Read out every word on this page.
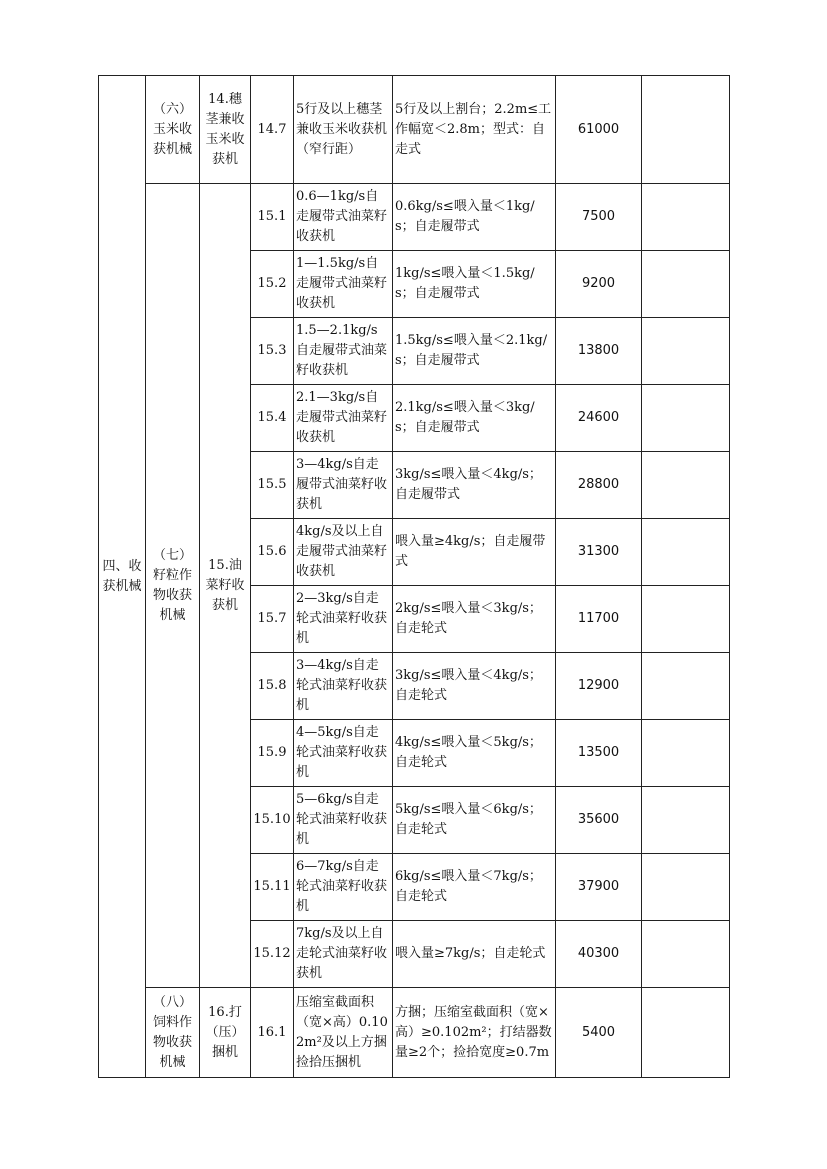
四、收获机械	（六）玉米收获机械	14.穗茎兼收玉米收获机	14.7	5行及以上穗茎兼收玉米收获机（窄行距）	5行及以上割台；2.2m≤工作幅宽＜2.8m；型式：自走式	61000	
	（七）籽粒作物收获机械	15.油菜籽收获机	15.1	0.6—1kg/s自走履带式油菜籽收获机	0.6kg/s≤喂入量＜1kg/s；自走履带式	7500	
			15.2	1—1.5kg/s自走履带式油菜籽收获机	1kg/s≤喂入量＜1.5kg/s；自走履带式	9200	
			15.3	1.5—2.1kg/s自走履带式油菜籽收获机	1.5kg/s≤喂入量＜2.1kg/s；自走履带式	13800	
			15.4	2.1—3kg/s自走履带式油菜籽收获机	2.1kg/s≤喂入量＜3kg/s；自走履带式	24600	
			15.5	3—4kg/s自走履带式油菜籽收获机	3kg/s≤喂入量＜4kg/s；自走履带式	28800	
			15.6	4kg/s及以上自走履带式油菜籽收获机	喂入量≥4kg/s；自走履带式	31300	
			15.7	2—3kg/s自走轮式油菜籽收获机	2kg/s≤喂入量＜3kg/s；自走轮式	11700	
			15.8	3—4kg/s自走轮式油菜籽收获机	3kg/s≤喂入量＜4kg/s；自走轮式	12900	
			15.9	4—5kg/s自走轮式油菜籽收获机	4kg/s≤喂入量＜5kg/s；自走轮式	13500	
			15.10	5—6kg/s自走轮式油菜籽收获机	5kg/s≤喂入量＜6kg/s；自走轮式	35600	
			15.11	6—7kg/s自走轮式油菜籽收获机	6kg/s≤喂入量＜7kg/s；自走轮式	37900	
			15.12	7kg/s及以上自走轮式油菜籽收获机	喂入量≥7kg/s；自走轮式	40300	
	（八）饲料作物收获机械	16.打（压）捆机	16.1	压缩室截面积（宽×高）0.102m²及以上方捆捡拾压捆机	方捆；压缩室截面积（宽×高）≥0.102m²；打结器数量≥2个；捡拾宽度≥0.7m	5400	
